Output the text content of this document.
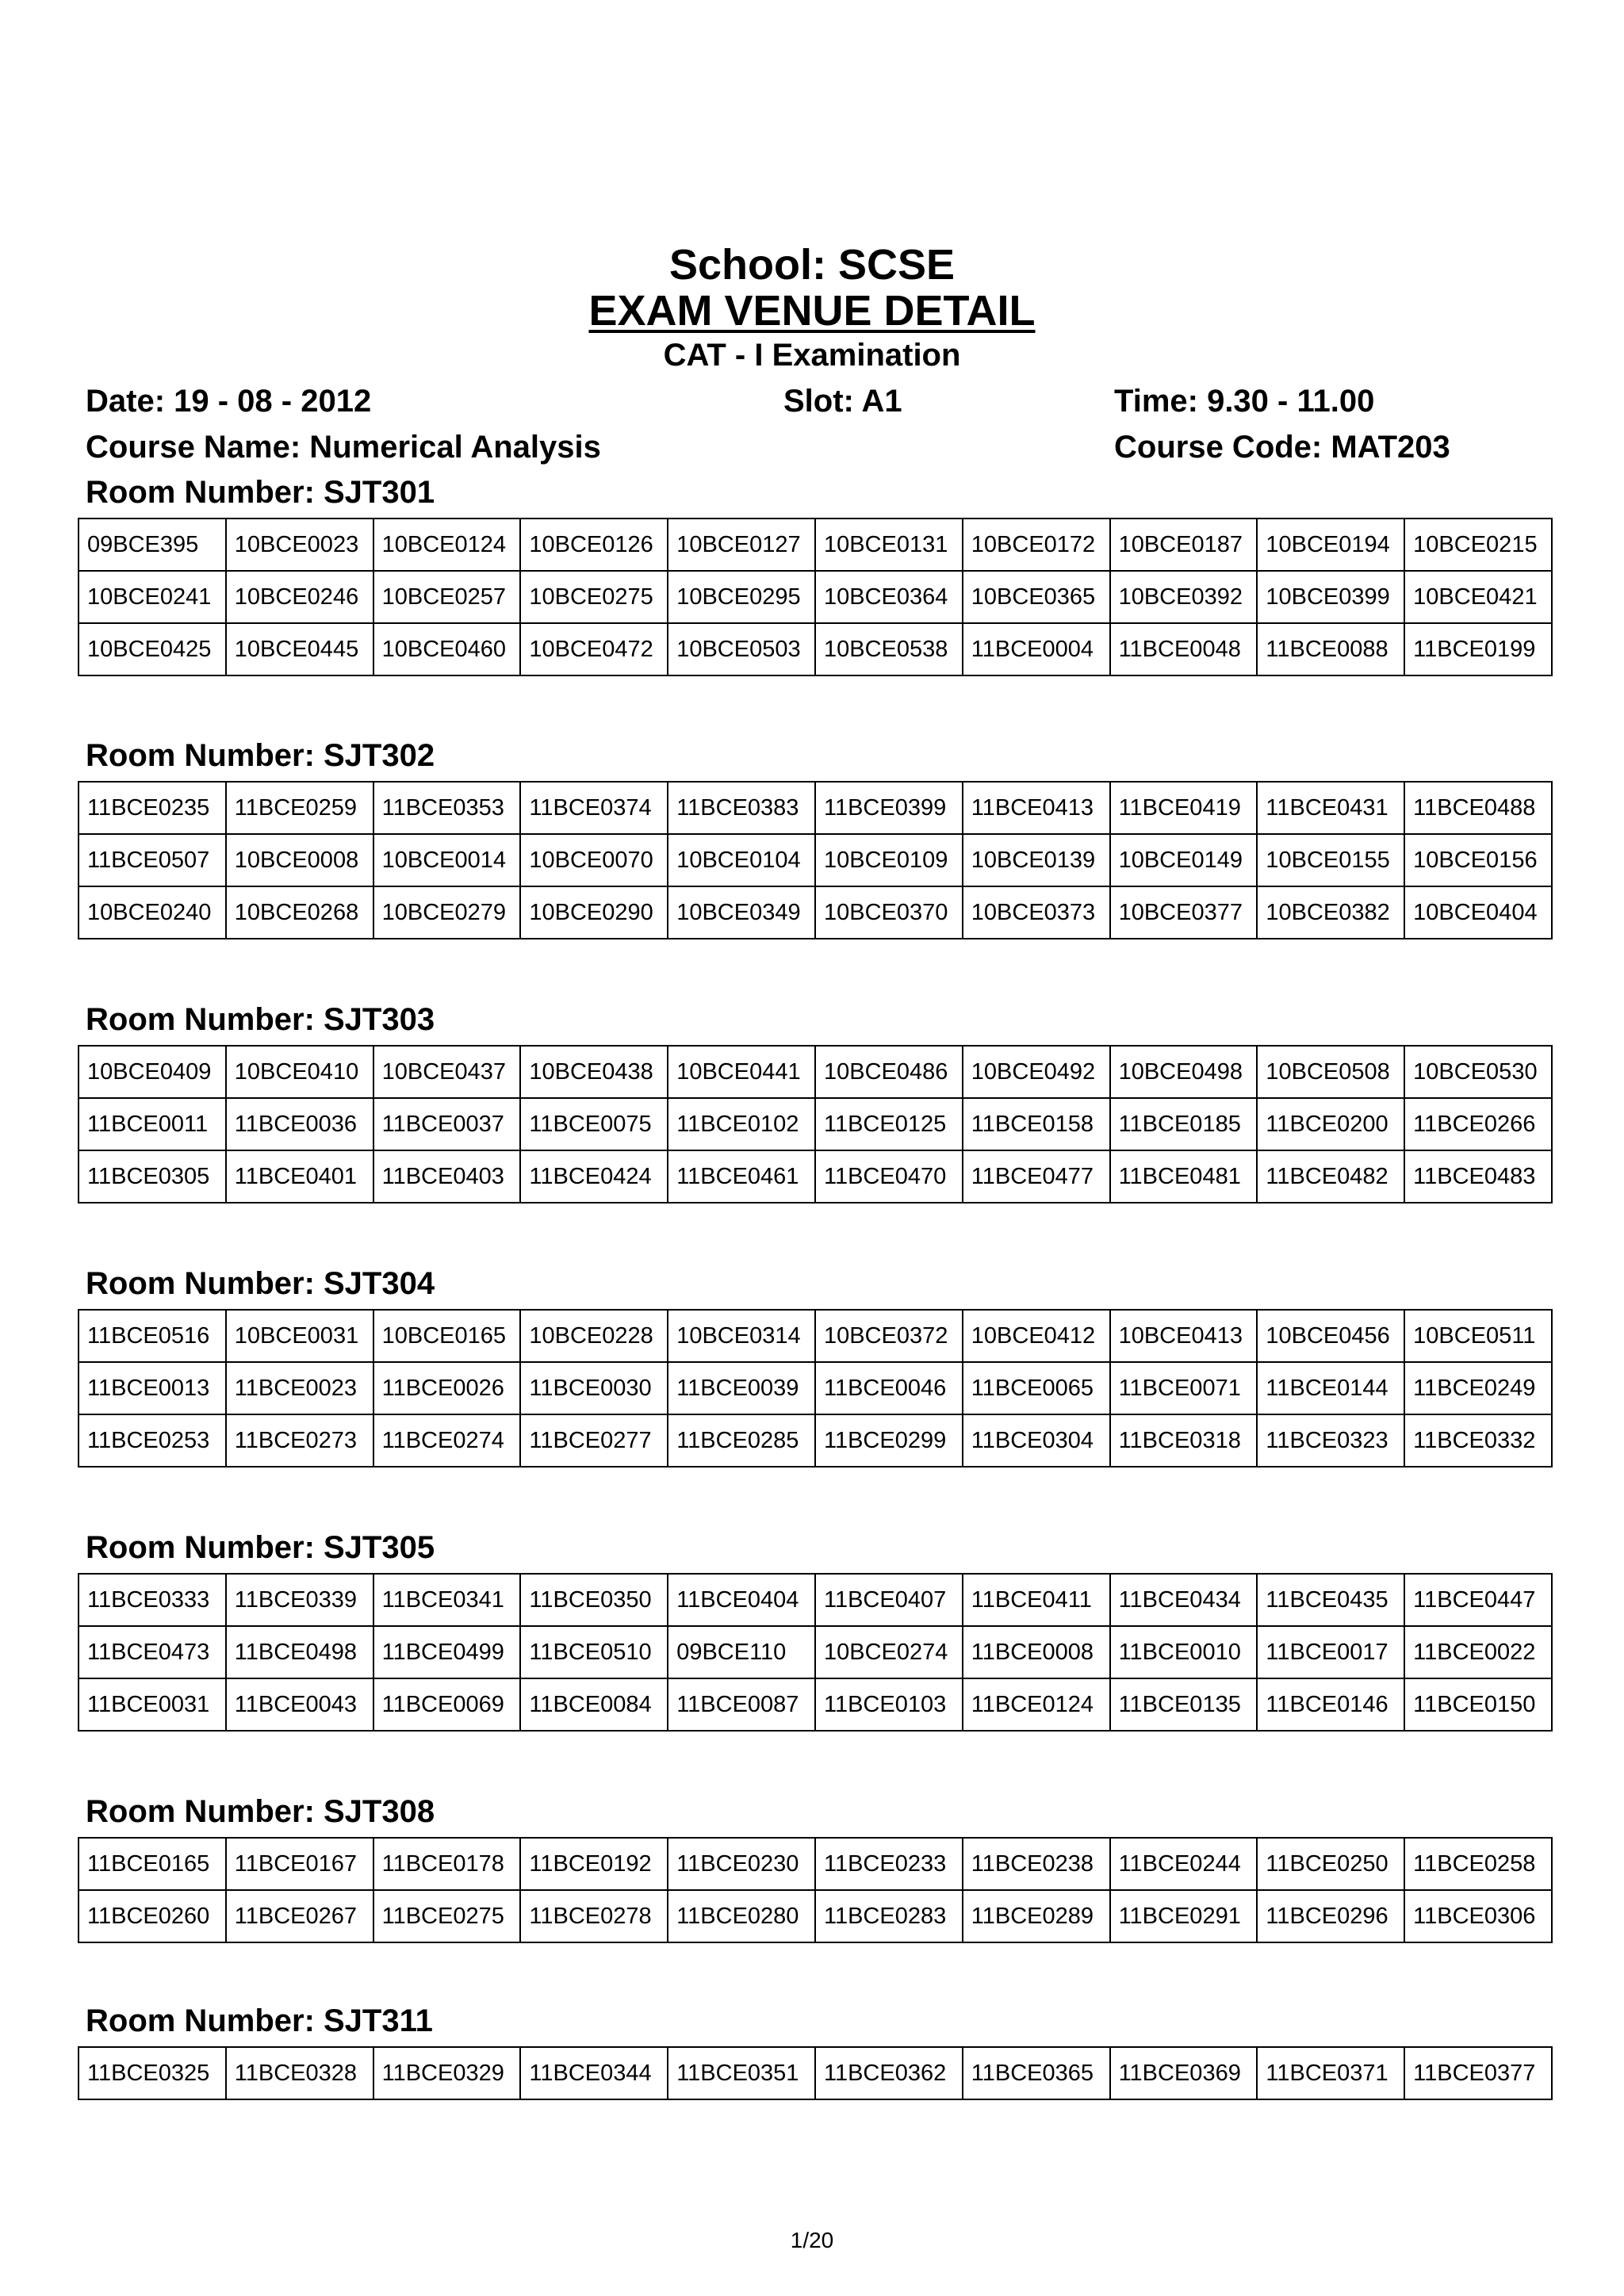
School: SCSE
EXAM VENUE DETAIL
CAT - I Examination
Date: 19 - 08 - 2012	Slot: A1	Time: 9.30 - 11.00
Course Name: Numerical Analysis	Course Code: MAT203
Room Number: SJT301
09BCE395	10BCE0023	10BCE0124	10BCE0126	10BCE0127	10BCE0131	10BCE0172	10BCE0187	10BCE0194	10BCE0215
10BCE0241	10BCE0246	10BCE0257	10BCE0275	10BCE0295	10BCE0364	10BCE0365	10BCE0392	10BCE0399	10BCE0421
10BCE0425	10BCE0445	10BCE0460	10BCE0472	10BCE0503	10BCE0538	11BCE0004	11BCE0048	11BCE0088	11BCE0199
Room Number: SJT302
11BCE0235	11BCE0259	11BCE0353	11BCE0374	11BCE0383	11BCE0399	11BCE0413	11BCE0419	11BCE0431	11BCE0488
11BCE0507	10BCE0008	10BCE0014	10BCE0070	10BCE0104	10BCE0109	10BCE0139	10BCE0149	10BCE0155	10BCE0156
10BCE0240	10BCE0268	10BCE0279	10BCE0290	10BCE0349	10BCE0370	10BCE0373	10BCE0377	10BCE0382	10BCE0404
Room Number: SJT303
10BCE0409	10BCE0410	10BCE0437	10BCE0438	10BCE0441	10BCE0486	10BCE0492	10BCE0498	10BCE0508	10BCE0530
11BCE0011	11BCE0036	11BCE0037	11BCE0075	11BCE0102	11BCE0125	11BCE0158	11BCE0185	11BCE0200	11BCE0266
11BCE0305	11BCE0401	11BCE0403	11BCE0424	11BCE0461	11BCE0470	11BCE0477	11BCE0481	11BCE0482	11BCE0483
Room Number: SJT304
11BCE0516	10BCE0031	10BCE0165	10BCE0228	10BCE0314	10BCE0372	10BCE0412	10BCE0413	10BCE0456	10BCE0511
11BCE0013	11BCE0023	11BCE0026	11BCE0030	11BCE0039	11BCE0046	11BCE0065	11BCE0071	11BCE0144	11BCE0249
11BCE0253	11BCE0273	11BCE0274	11BCE0277	11BCE0285	11BCE0299	11BCE0304	11BCE0318	11BCE0323	11BCE0332
Room Number: SJT305
11BCE0333	11BCE0339	11BCE0341	11BCE0350	11BCE0404	11BCE0407	11BCE0411	11BCE0434	11BCE0435	11BCE0447
11BCE0473	11BCE0498	11BCE0499	11BCE0510	09BCE110	10BCE0274	11BCE0008	11BCE0010	11BCE0017	11BCE0022
11BCE0031	11BCE0043	11BCE0069	11BCE0084	11BCE0087	11BCE0103	11BCE0124	11BCE0135	11BCE0146	11BCE0150
Room Number: SJT308
11BCE0165	11BCE0167	11BCE0178	11BCE0192	11BCE0230	11BCE0233	11BCE0238	11BCE0244	11BCE0250	11BCE0258
11BCE0260	11BCE0267	11BCE0275	11BCE0278	11BCE0280	11BCE0283	11BCE0289	11BCE0291	11BCE0296	11BCE0306
Room Number: SJT311
11BCE0325	11BCE0328	11BCE0329	11BCE0344	11BCE0351	11BCE0362	11BCE0365	11BCE0369	11BCE0371	11BCE0377
1/20
